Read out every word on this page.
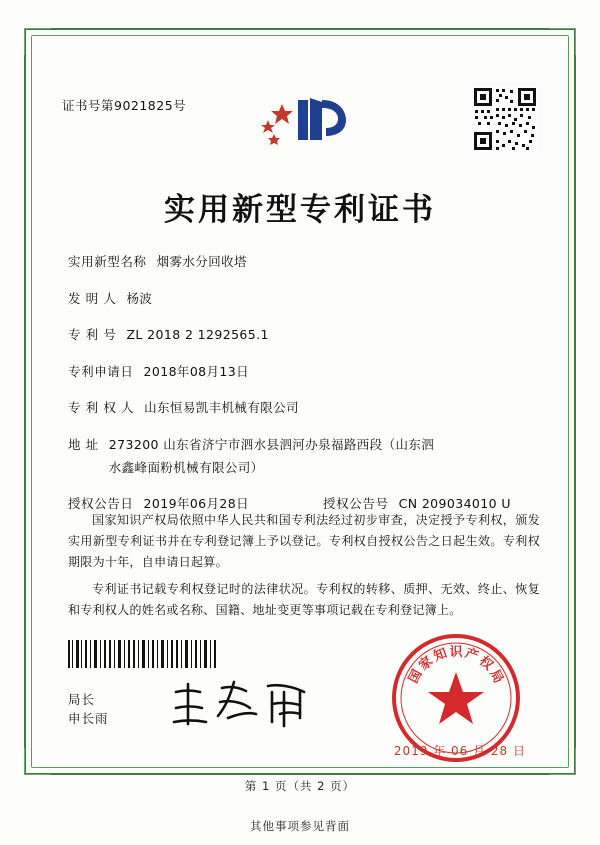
证书号第9021825号
实用新型专利证书
实用新型名称 烟雾水分回收塔
发 明 人 杨波
专 利 号 ZL 2018 2 1292565.1
专利申请日 2018年08月13日
专 利 权 人 山东恒易凯丰机械有限公司
地 址 273200 山东省济宁市泗水县泗河办泉福路西段（山东泗
水鑫峰面粉机械有限公司）
授权公告日 2019年06月28日	授权公告号 CN 209034010 U

国家知识产权局依照中华人民共和国专利法经过初步审查，决定授予专利权，颁发实用新型专利证书并在专利登记簿上予以登记。专利权自授权公告之日起生效。专利权期限为十年，自申请日起算。

专利证书记载专利权登记时的法律状况。专利权的转移、质押、无效、终止、恢复和专利权人的姓名或名称、国籍、地址变更等事项记载在专利登记簿上。

局长
申长雨
国
家
知 识 产
权
局
2019 年 06 月 28 日
第 1 页（共 2 页）
其他事项参见背面
